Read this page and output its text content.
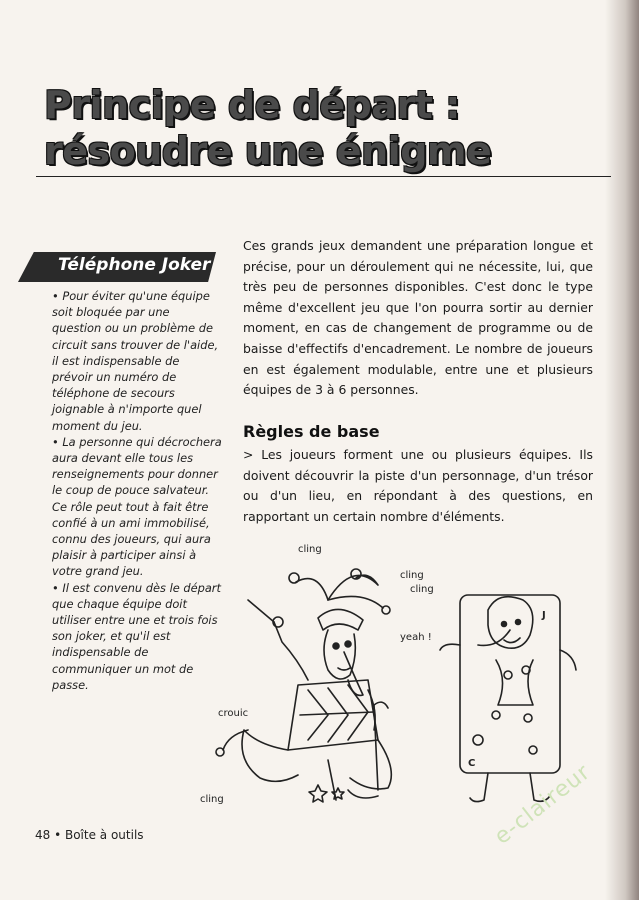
Principe de départ :
résoudre une énigme
Téléphone Joker

• Pour éviter qu'une équipe soit bloquée par une question ou un problème de circuit sans trouver de l'aide, il est indispensable de prévoir un numéro de téléphone de secours joignable à n'importe quel moment du jeu.

• La personne qui décrochera aura devant elle tous les renseignements pour donner le coup de pouce salvateur. Ce rôle peut tout à fait être confié à un ami immobilisé, connu des joueurs, qui aura plaisir à participer ainsi à votre grand jeu.

• Il est convenu dès le départ que chaque équipe doit utiliser entre une et trois fois son joker, et qu'il est indispensable de communiquer un mot de passe.

Ces grands jeux demandent une préparation longue et précise, pour un déroulement qui ne nécessite, lui, que très peu de personnes disponibles. C'est donc le type même d'excellent jeu que l'on pourra sortir au dernier moment, en cas de changement de programme ou de baisse d'effectifs d'encadrement. Le nombre de joueurs en est également modulable, entre une et plusieurs équipes de 3 à 6 personnes.

Règles de base
> Les joueurs forment une ou plusieurs équipes. Ils doivent découvrir la piste d'un personnage, d'un trésor ou d'un lieu, en répondant à des questions, en rapportant un certain nombre d'éléments.
cling
cling
cling
cling
yeah !
crouic
J
C
48 • Boîte à outils	e-claireur
